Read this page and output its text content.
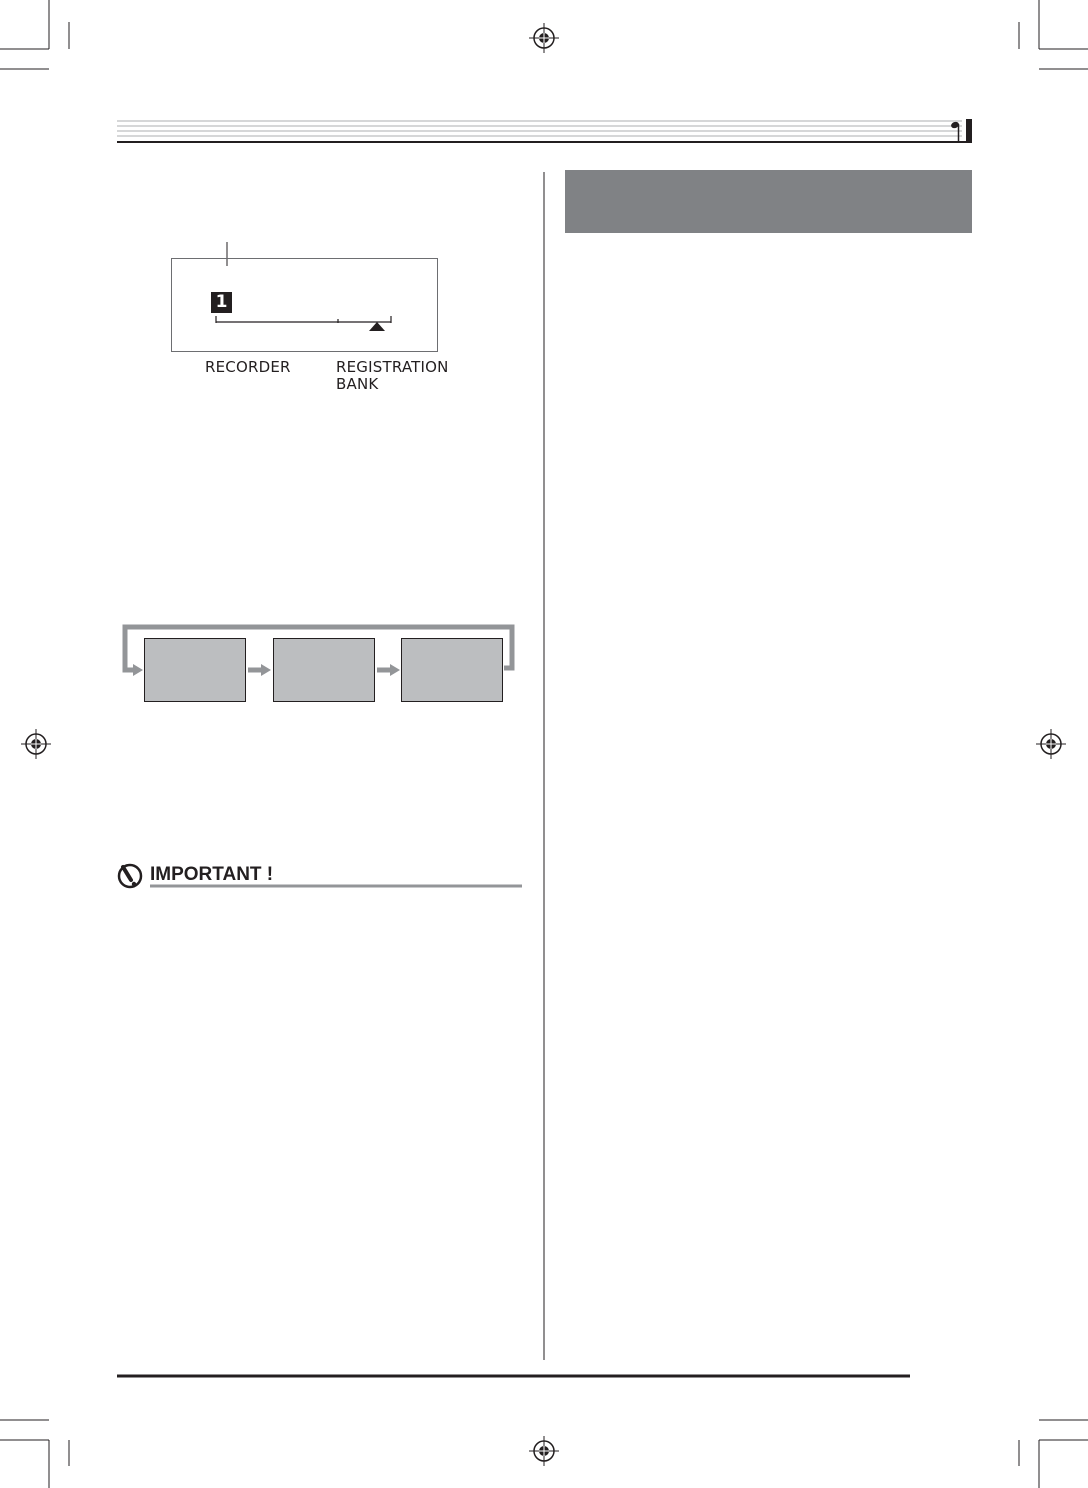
1
RECORDER	REGISTRATION
BANK
IMPORTANT !
